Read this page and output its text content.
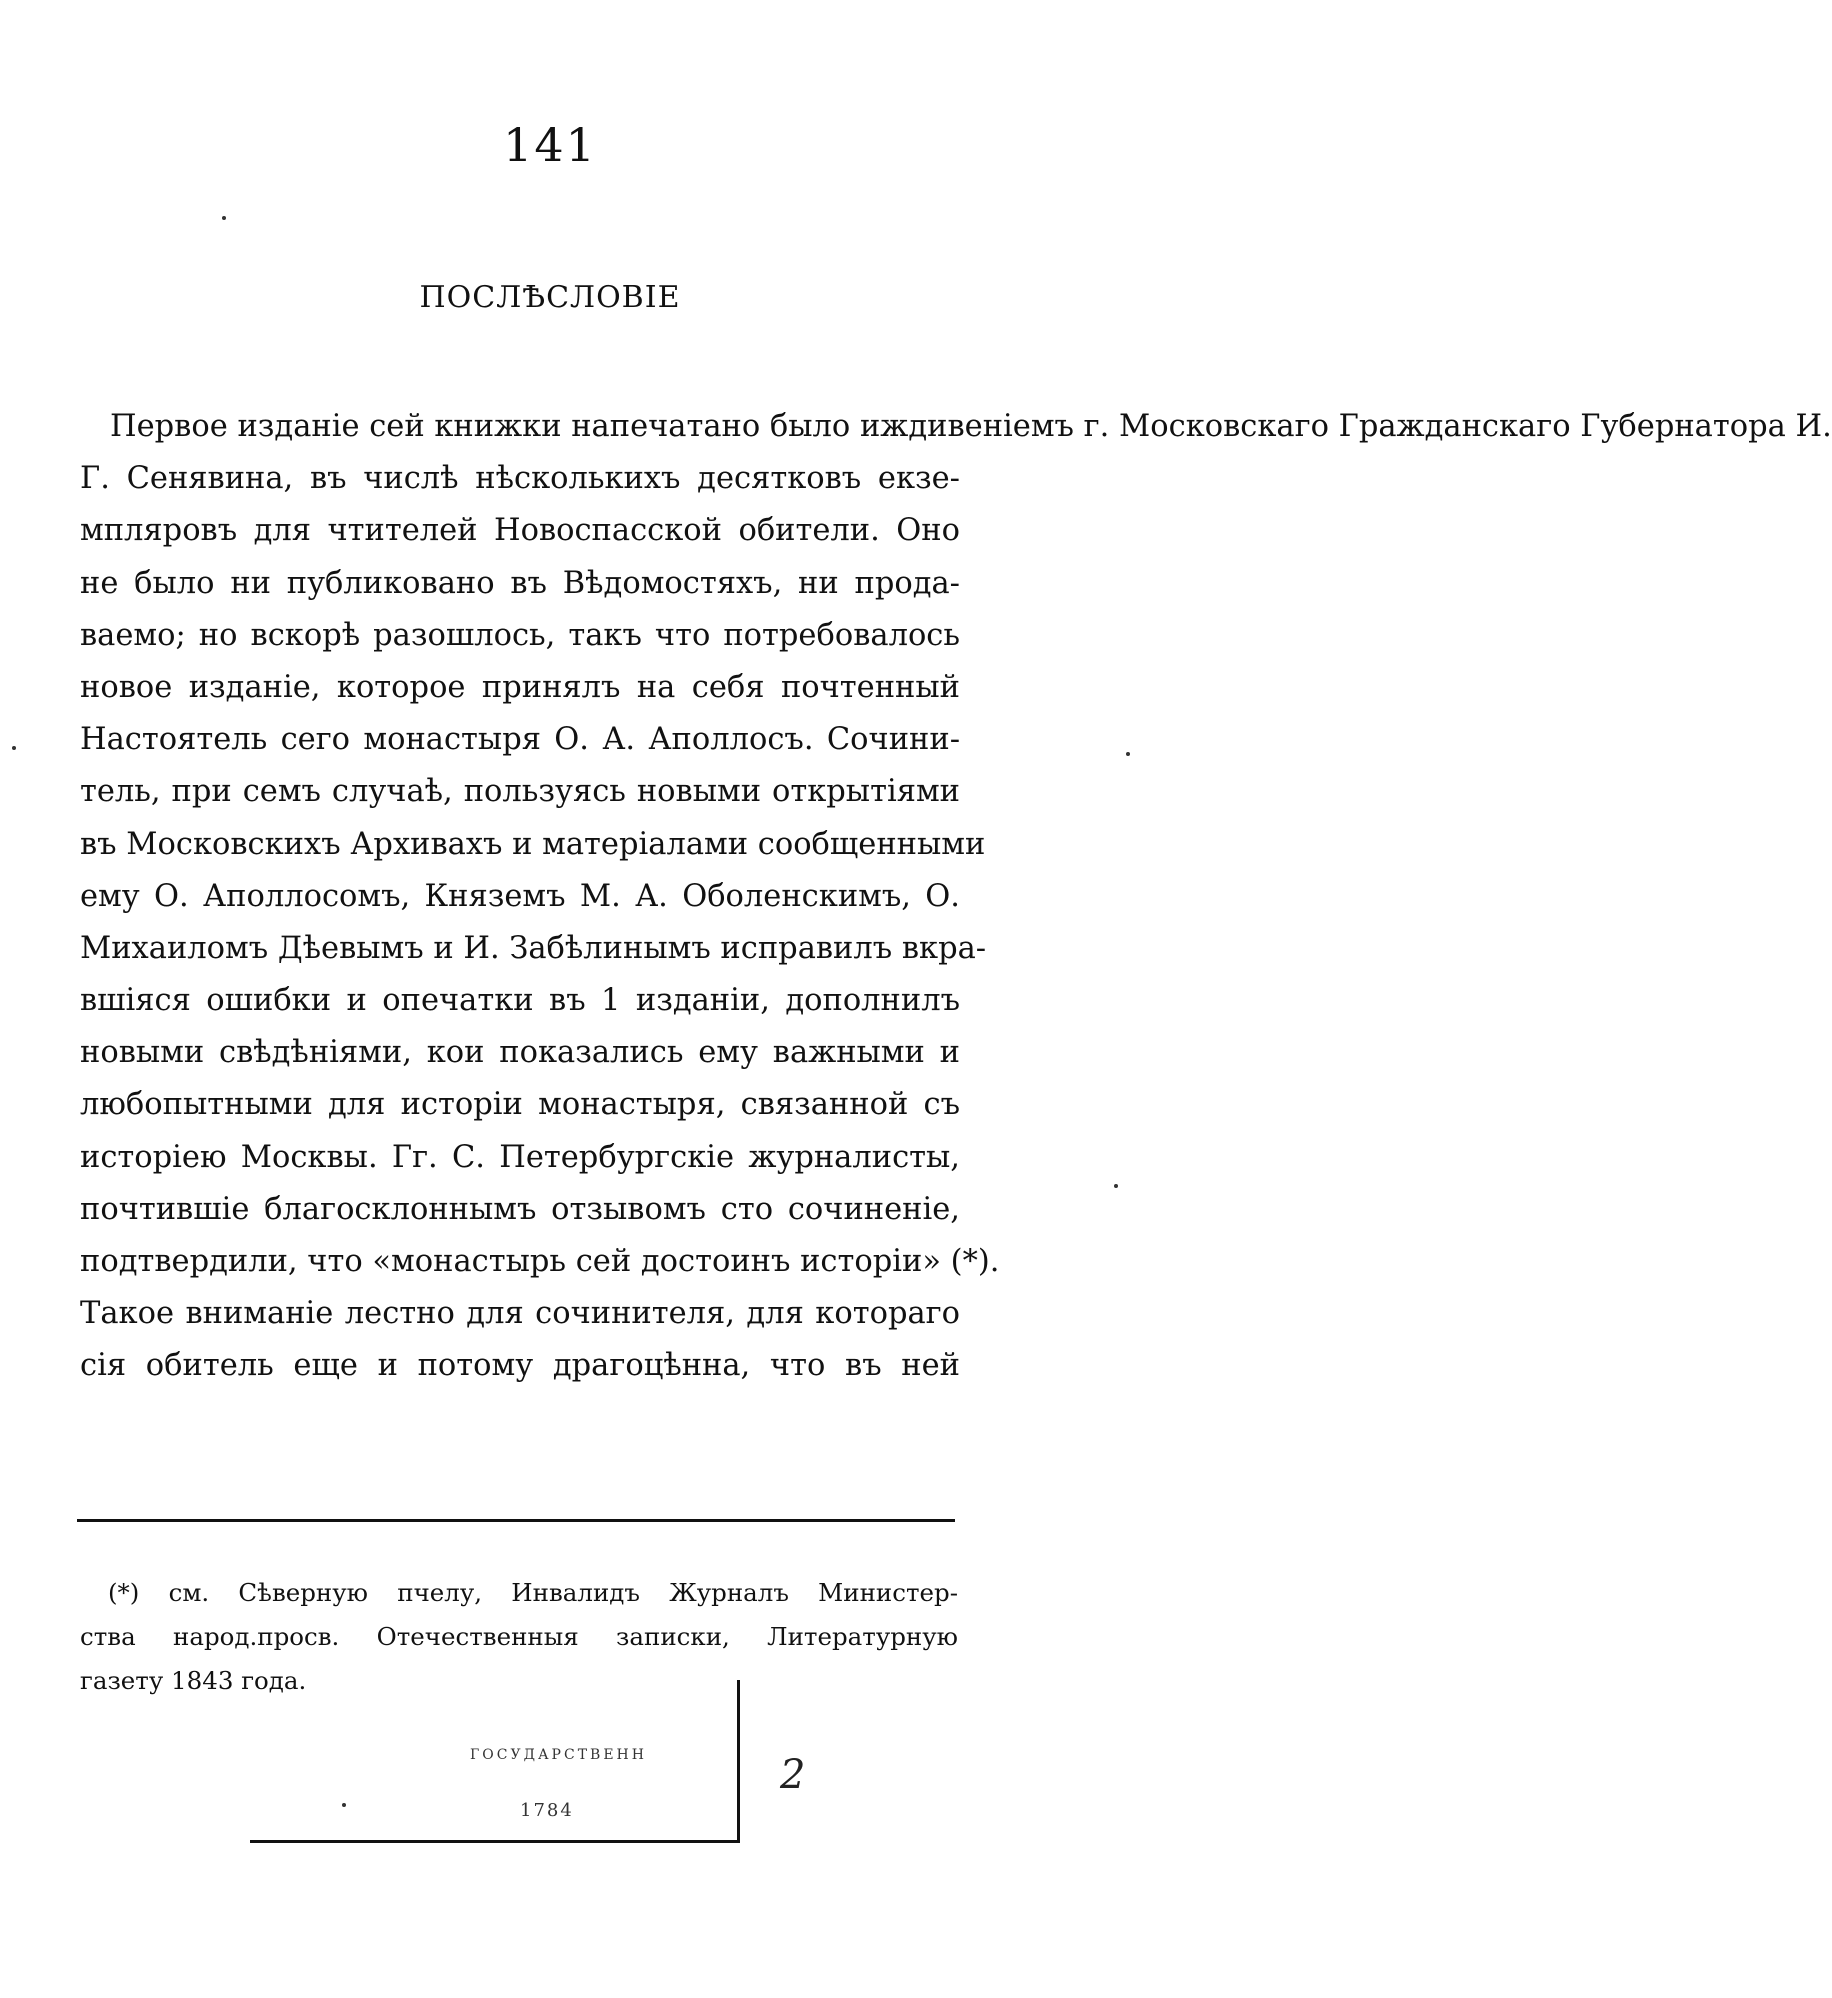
141
ПОСЛѢСЛОВІЕ
Первое изданіе сей книжки напечатано было иждивеніемъ г. Московскаго Гражданскаго Губернатора И.
Г. Сенявина, въ числѣ нѣсколькихъ десятковъ екзе-
мпляровъ для чтителей Новоспасской обители. Оно
не было ни публиковано въ Вѣдомостяхъ, ни прода-
ваемо; но вскорѣ разошлось, такъ что потребовалось
новое изданіе, которое принялъ на себя почтенный
Настоятель сего монастыря О. А. Аполлосъ. Сочини-
тель, при семъ случаѣ, пользуясь новыми открытіями
въ Московскихъ Архивахъ и матеріалами сообщенными
ему О. Аполлосомъ, Княземъ М. А. Оболенскимъ, О.
Михаиломъ Дѣевымъ и И. Забѣлинымъ исправилъ вкра-
вшіяся ошибки и опечатки въ 1 изданіи, дополнилъ
новыми свѣдѣніями, кои показались ему важными и
любопытными для исторіи монастыря, связанной съ
исторіею Москвы. Гг. С. Петербургскіе журналисты,
почтившіе благосклоннымъ отзывомъ сто сочиненіе,
подтвердили, что «монастырь сей достоинъ исторіи» (*).
Такое вниманіе лестно для сочинителя, для котораго
сія обитель еще и потому драгоцѣнна, что въ ней
(*) см. Сѣверную пчелу, Инвалидъ Журналъ Министер-
ства народ.просв. Отечественныя записки, Литературную
газету 1843 года.
ГОСУДАРСТВЕНН
1784
2
